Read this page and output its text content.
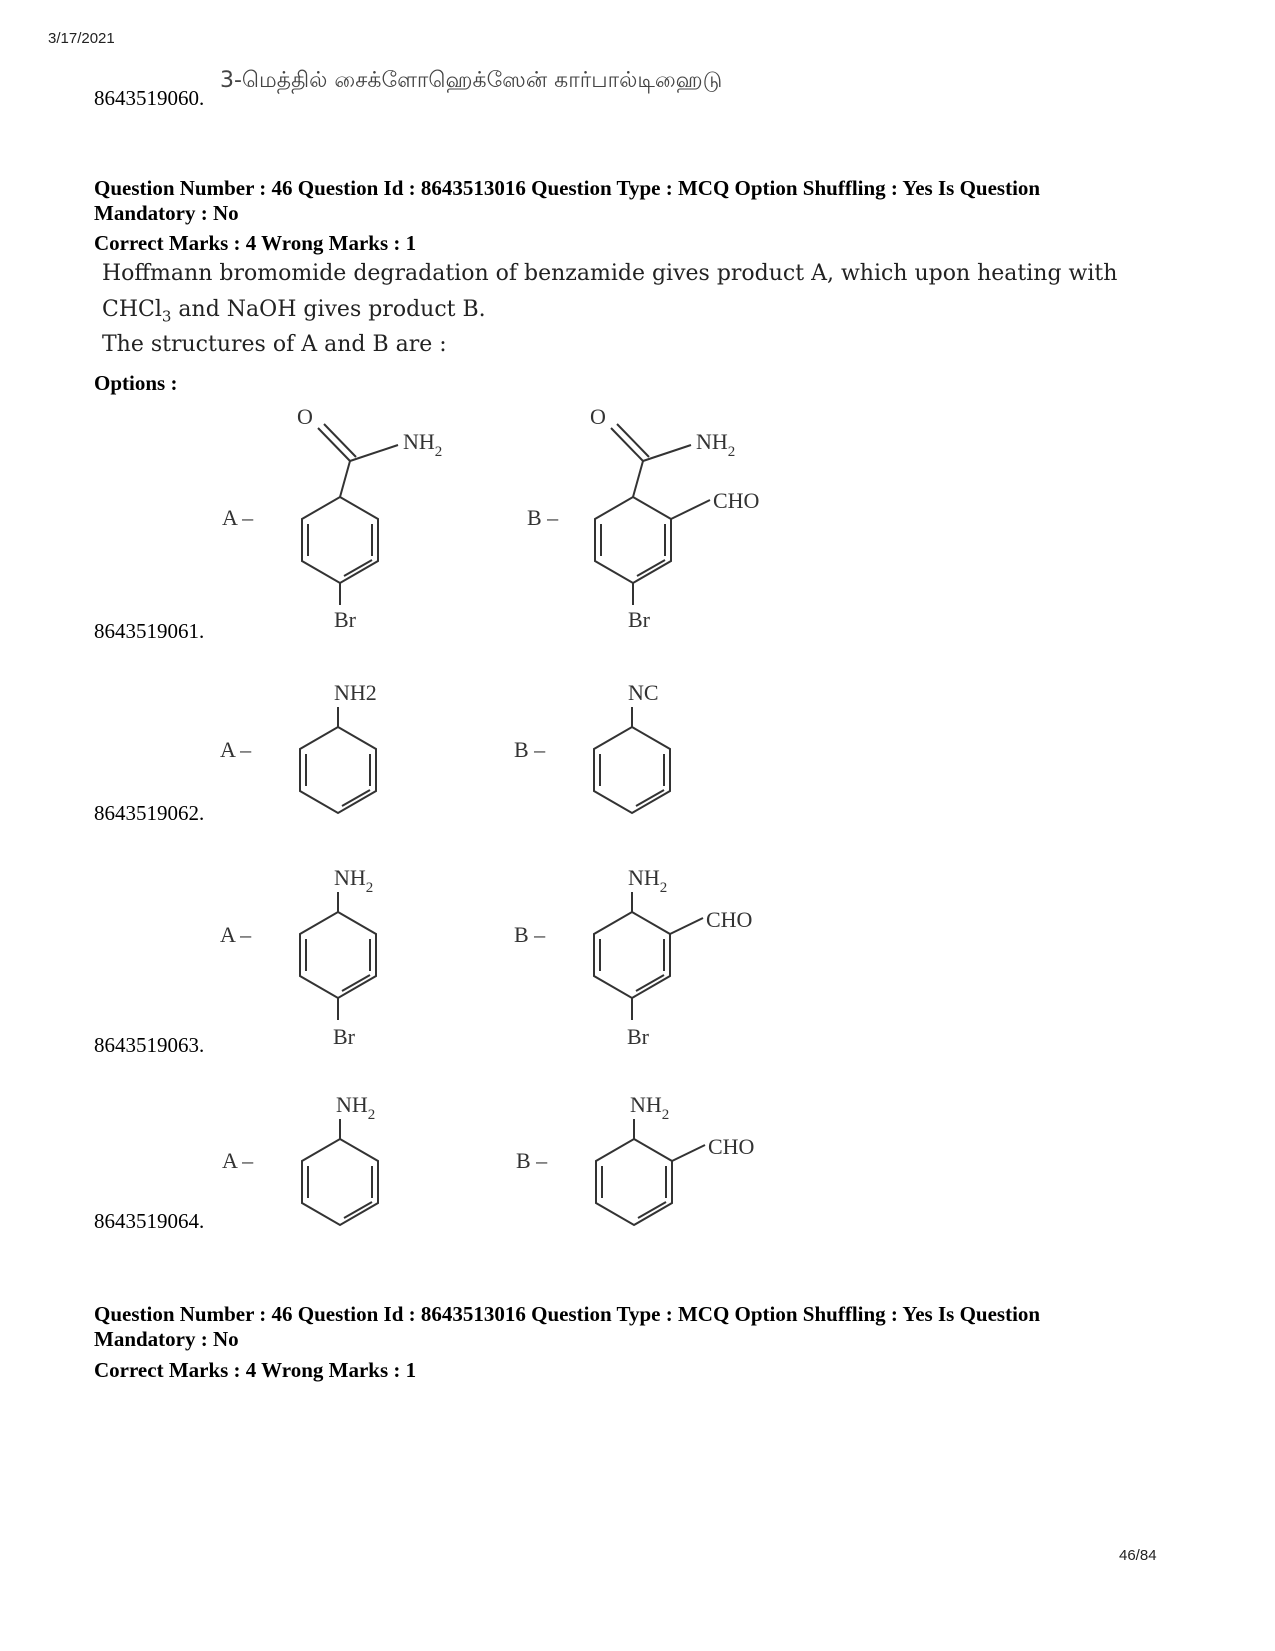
3/17/2021
8643519060.
3-மெத்தில் சைக்ளோஹெக்ஸேன் கார்பால்டிஹைடு
Question Number : 46 Question Id : 8643513016 Question Type : MCQ Option Shuffling : Yes Is Question
Mandatory : No
Correct Marks : 4 Wrong Marks : 1
Hoffmann bromomide degradation of benzamide gives product A, which upon heating with
CHCl$_3$ and NaOH gives product B.
The structures of A and B are :
Options :
8643519061.
8643519062.
8643519063.
8643519064.
A –
O
$NH_2$
Br
B –
O
$NH_2$
CHO
Br
A –
NH2
B –
NC
A –
$NH_2$
Br
B –
$NH_2$
CHO
Br
A –
$NH_2$
B –
$NH_2$
CHO
Question Number : 46 Question Id : 8643513016 Question Type : MCQ Option Shuffling : Yes Is Question
Mandatory : No
Correct Marks : 4 Wrong Marks : 1
46/84
